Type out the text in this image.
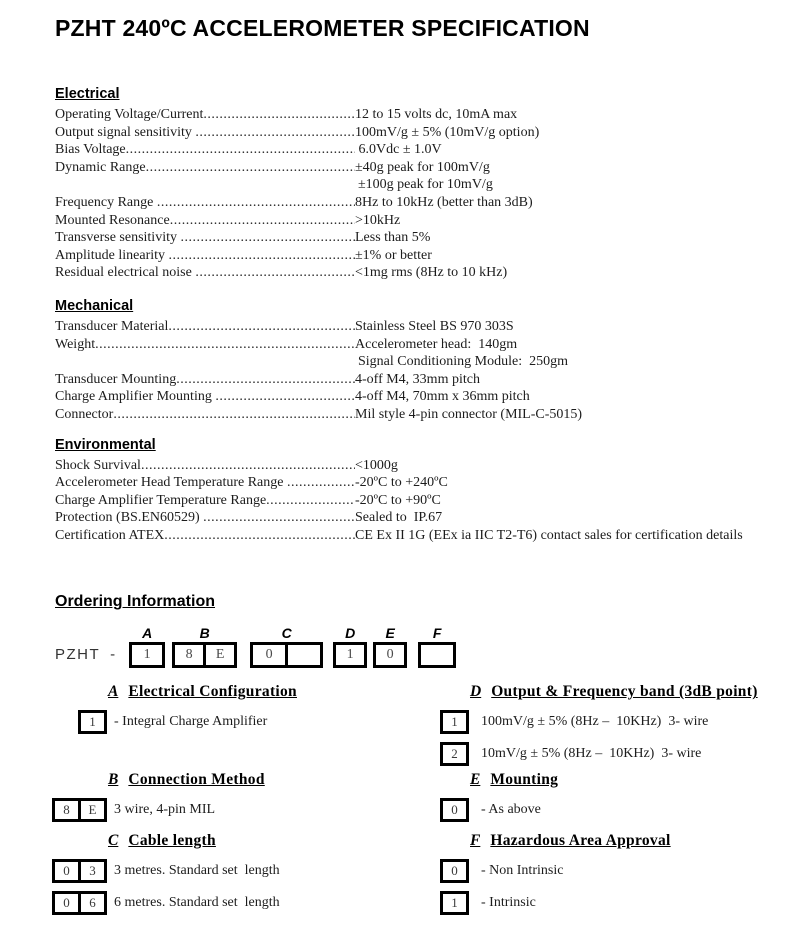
PZHT 240ºC ACCELEROMETER SPECIFICATION
Electrical
Operating Voltage/Current .....	12 to 15 volts dc, 10mA max
Output signal sensitivity .....	100mV/g ± 5% (10mV/g option)
Bias Voltage .....	6.0Vdc ± 1.0V
Dynamic Range .....	±40g peak for 100mV/g
±100g peak for 10mV/g
Frequency Range .....	8Hz to 10kHz (better than 3dB)
Mounted Resonance .....	>10kHz
Transverse sensitivity .....	Less than 5%
Amplitude linearity .....	±1% or better
Residual electrical noise .....	<1mg rms (8Hz to 10 kHz)
Mechanical
Transducer Material .....	Stainless Steel BS 970 303S
Weight .....	Accelerometer head:  140gm
Signal Conditioning Module:  250gm
Transducer Mounting .....	4-off M4, 33mm pitch
Charge Amplifier Mounting .....	4-off M4, 70mm x 36mm pitch
Connector .....	Mil style 4-pin connector (MIL-C-5015)
Environmental
Shock Survival .....	<1000g
Accelerometer Head Temperature Range .....	-20ºC to +240ºC
Charge Amplifier Temperature Range .....	-20ºC to +90ºC
Protection (BS.EN60529) .....	Sealed to  IP.67
Certification ATEX .....	CE Ex II 1G (EEx ia IIC T2-T6) contact sales for certification details
Ordering Information
PZHT -
A
1
B
8	E
C
0
D
1
E
0
F
A Electrical Configuration
1	- Integral Charge Amplifier
D Output & Frequency band (3dB point)
1	100mV/g ± 5% (8Hz –  10KHz)  3- wire
2	10mV/g ± 5% (8Hz –  10KHz)  3- wire
B Connection Method
8	E	3 wire, 4-pin MIL
E Mounting
0	- As above
C Cable length
0	3	3 metres. Standard set  length
0	6	6 metres. Standard set  length
F Hazardous Area Approval
0	- Non Intrinsic
1	- Intrinsic
